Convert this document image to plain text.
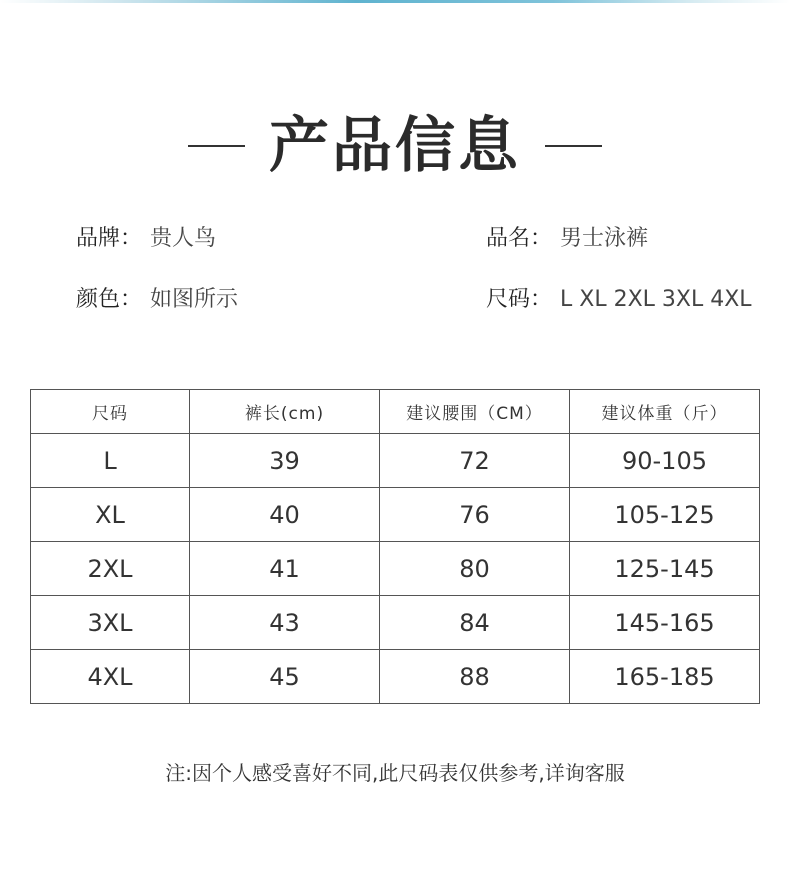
产品信息
品牌： 贵人鸟	品名： 男士泳裤
颜色： 如图所示	尺码： L XL 2XL 3XL 4XL
尺码	裤长(cm)	建议腰围（CM）	建议体重（斤）
L	39	72	90-105
XL	40	76	105-125
2XL	41	80	125-145
3XL	43	84	145-165
4XL	45	88	165-185
注:因个人感受喜好不同,此尺码表仅供参考,详询客服
